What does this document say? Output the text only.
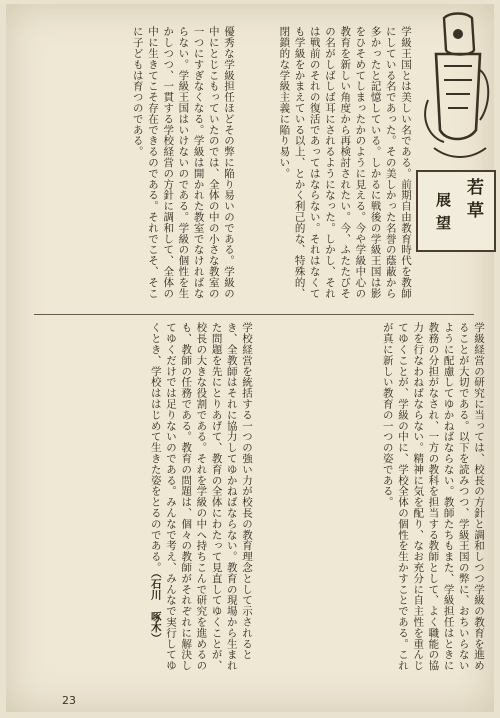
若草
展望
学級王国とは美しい名である。前期自由教育時代を教師にしている名であった。その美しかった名誉の蔭蔽から多かったと記憶している。しかるに戦後の学級王国は影をひそめてしまったかのように見える。今や学級中心の教育を新しい角度から再検討されたい。今、ふたたびその名がしばしば耳にされるようになった。しかし、それは戦前のそれの復活であってはならない。それはなくても学級をかまえている以上、とかく利己的な、特殊的、閉鎖的な学級主義に陥り易い。
優秀な学級担任ほどその弊に陥り易いのである。学級の中にとじこもっていたのでは、全体の中の小さな教室の一つにすぎなくなる。学級は開かれた教室でなければならない。学級王国はいけないのである。学級の個性を生かしつつ、一貫する学校経営の方針に調和して、全体の中に生きてこそ存在できるのである。それでこそ、そこに子どもは育つのである。
学級経営の研究に当っては、校長の方針と調和しつつ学級の教育を進めることが大切である。以下を読みつつ、学級王国の弊に、おちいらないように配慮してゆかねばならない。教師たちもまた、学級担任はときに教務の分担がなされ、一方の教科を担当する教師として、よく職能の協力を行なわねばならない。精神に気を配り、なお充分に自主性を重んじてゆくことが、学級の中に、学校全体の個性を生かすことである。これが真に新しい教育の一つの姿である。
学校経営を統括する一つの強い力が校長の教育理念として示されるとき、全教師はそれに協力してゆかねばならない。教育の現場から生まれた問題を先にとりあげて、教育の全体にわたって見直してゆくことが、校長の大きな役割である。それを学級の中へ持ちこんで研究を進めるのも、教師の任務である。教育の問題は、個々の教師がそれぞれに解決してゆくだけでは足りないのである。みんなで考え、みんなで実行してゆくとき、学校ははじめて生きた姿をとるのである。（石川　啄木）
23
